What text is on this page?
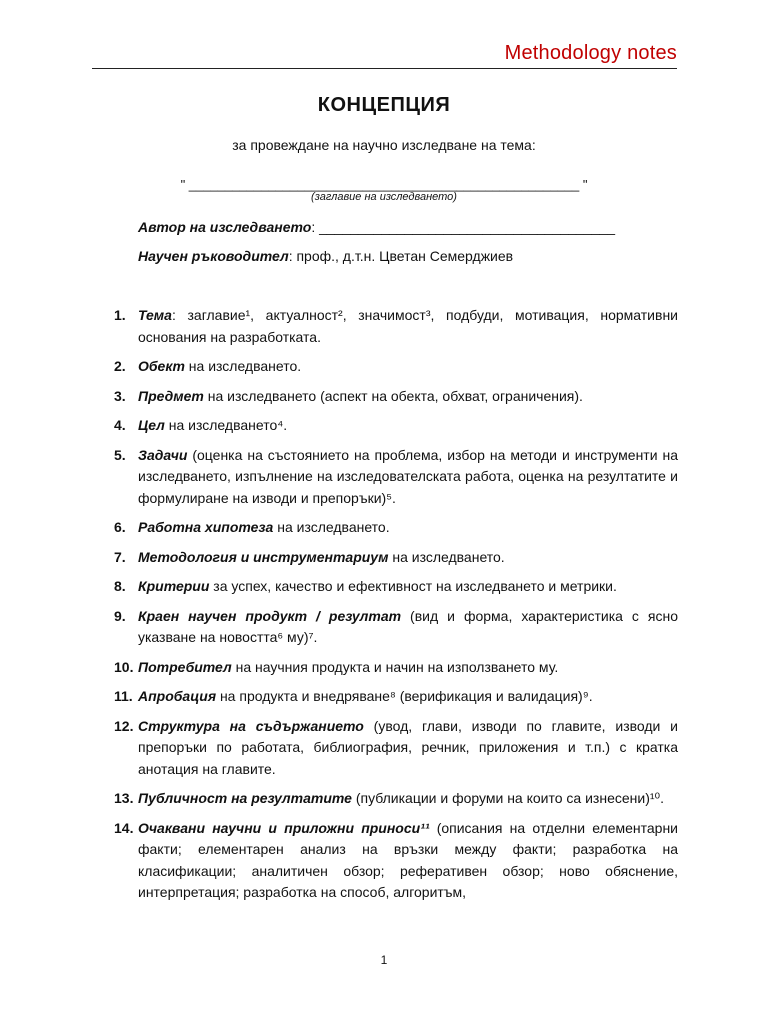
Methodology notes
КОНЦЕПЦИЯ
за провеждане на научно изследване на тема:
" ______________________________________________________ "
(заглавие на изследването)
Автор на изследването: ______________________________________
Научен ръководител: проф., д.т.н. Цветан Семерджиев
1. Тема: заглавие¹, актуалност², значимост³, подбуди, мотивация, нормативни основания на разработката.
2. Обект на изследването.
3. Предмет на изследването (аспект на обекта, обхват, ограничения).
4. Цел на изследването⁴.
5. Задачи (оценка на състоянието на проблема, избор на методи и инструменти на изследването, изпълнение на изследователската работа, оценка на резултатите и формулиране на изводи и препоръки)⁵.
6. Работна хипотеза на изследването.
7. Методология и инструментариум на изследването.
8. Критерии за успех, качество и ефективност на изследването и метрики.
9. Краен научен продукт / резултат (вид и форма, характеристика с ясно указване на новостта⁶ му)⁷.
10. Потребител на научния продукта и начин на използването му.
11. Апробация на продукта и внедряване⁸ (верификация и валидация)⁹.
12. Структура на съдържанието (увод, глави, изводи по главите, изводи и препоръки по работата, библиография, речник, приложения и т.п.) с кратка анотация на главите.
13. Публичност на резултатите (публикации и форуми на които са изнесени)¹⁰.
14. Очаквани научни и приложни приноси¹¹ (описания на отделни елементарни факти; елементарен анализ на връзки между факти; разработка на класификации; аналитичен обзор; реферативен обзор; ново обяснение, интерпретация; разработка на способ, алгоритъм,
1
